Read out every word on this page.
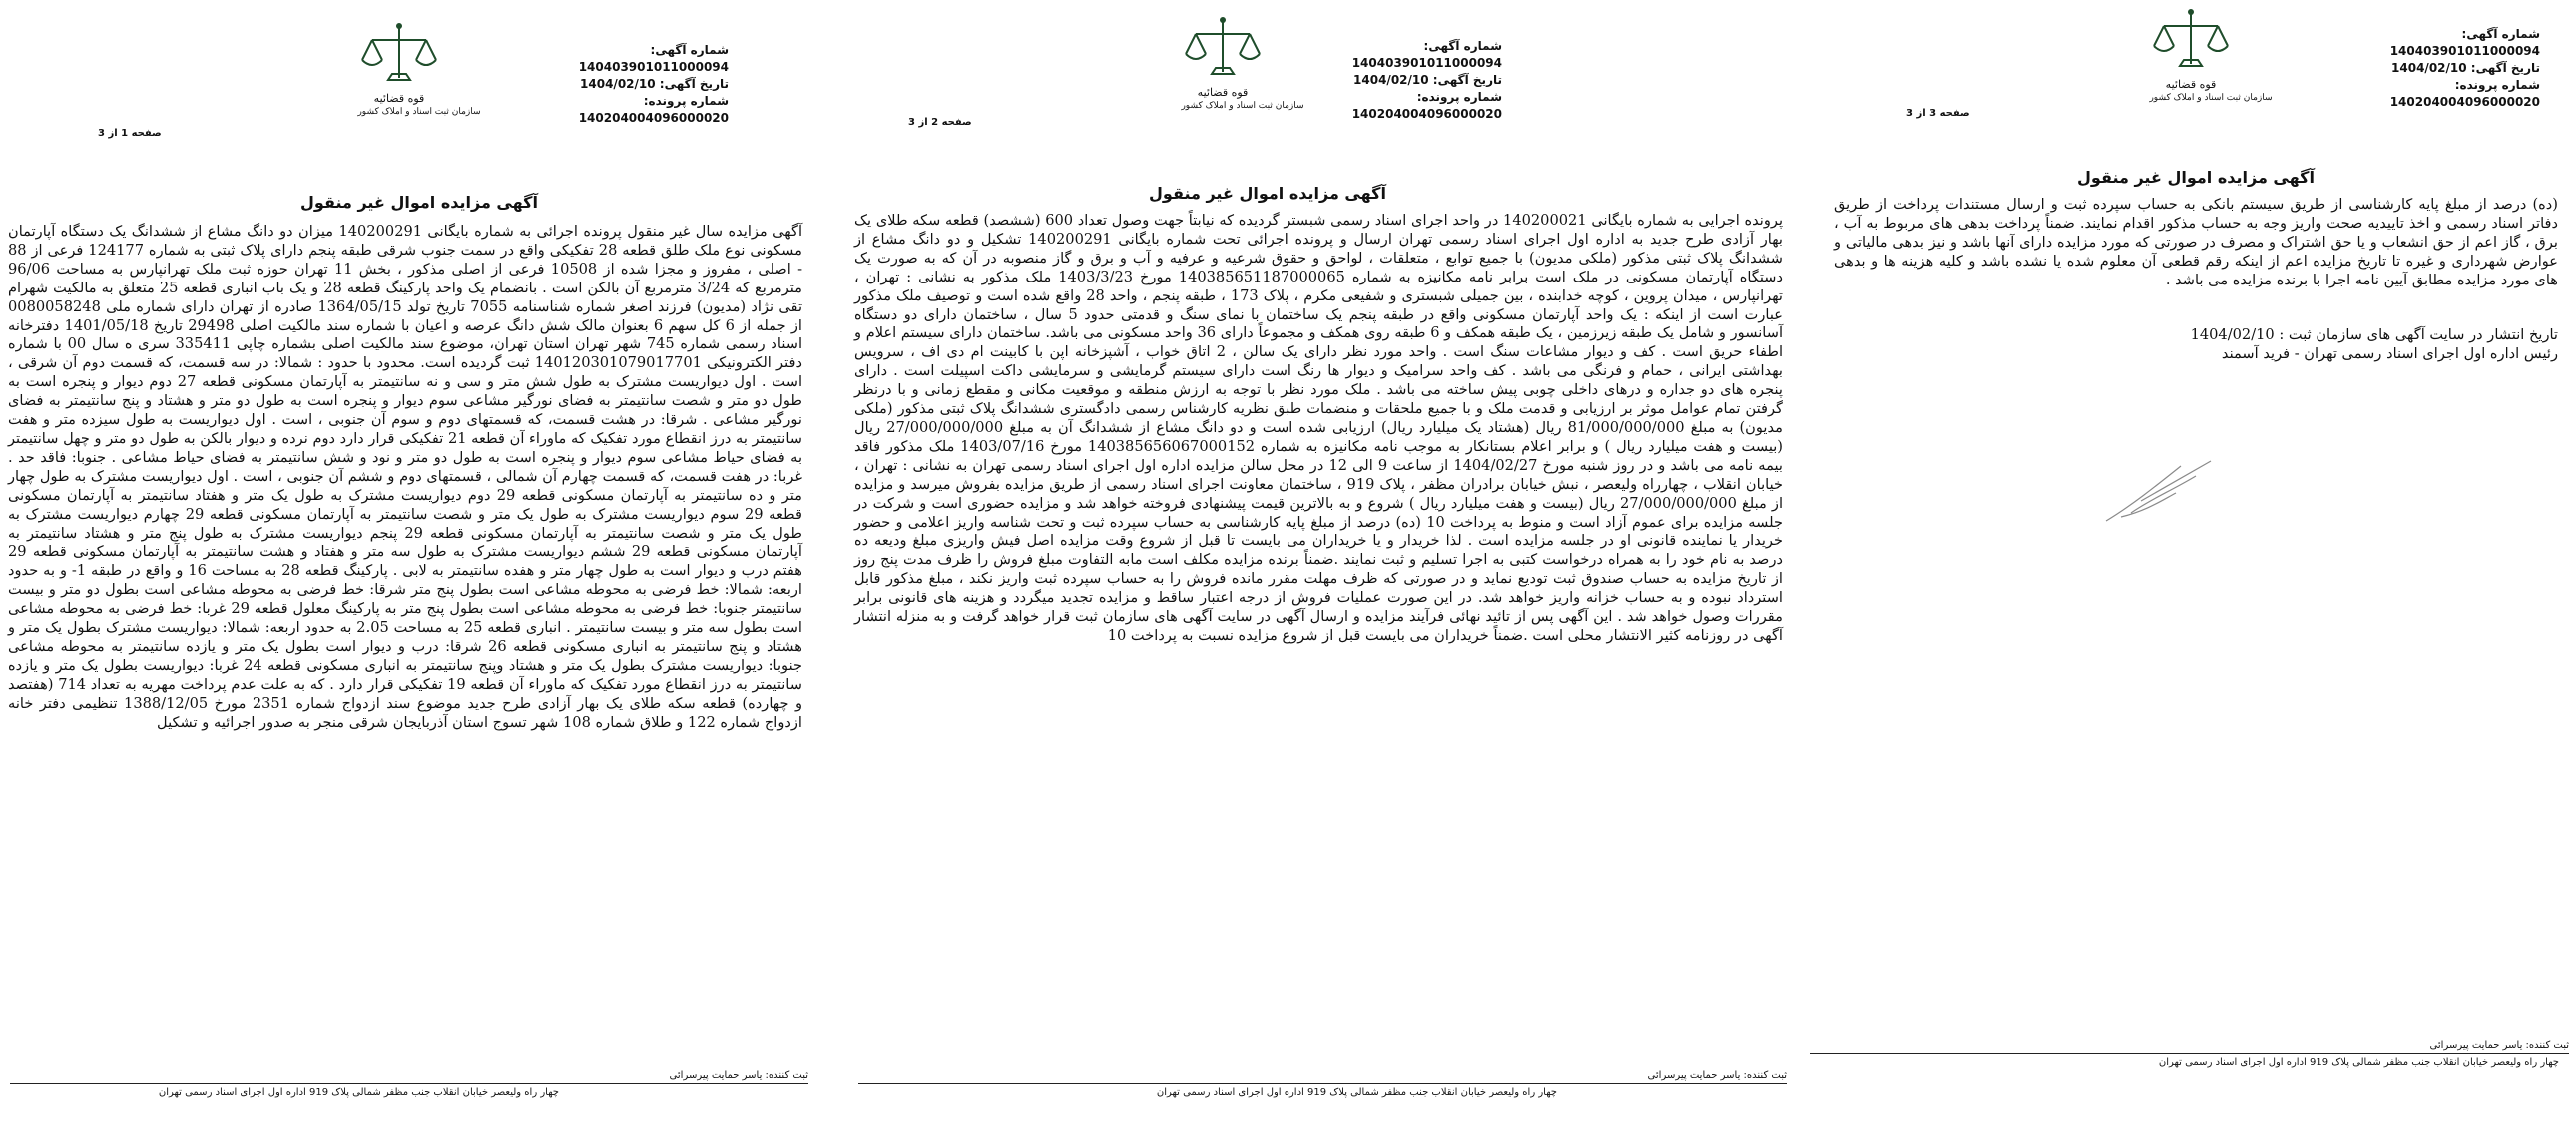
قوه قضائیه
سازمان ثبت اسناد و املاک کشور
شماره آگهی: 140403901011000094
تاریخ آگهی: 1404/02/10
شماره پرونده: 140204004096000020
صفحه 1 از 3
آگهی مزایده اموال غیر منقول
آگهی مزایده سال غیر منقول پرونده اجرائی به شماره بایگانی 140200291 میزان دو دانگ مشاع از ششدانگ یک دستگاه آپارتمان مسکونی نوع ملک طلق قطعه 28 تفکیکی واقع در سمت جنوب شرقی طبقه پنجم دارای پلاک ثبتی به شماره 124177 فرعی از 88 - اصلی ، مفروز و مجزا شده از 10508 فرعی از اصلی مذکور ، بخش 11 تهران حوزه ثبت ملک تهرانپارس به مساحت 96/06 مترمربع که 3/24 مترمربع آن بالکن است . بانضمام یک واحد پارکینگ قطعه 28 و یک باب انباری قطعه 25 متعلق به مالکیت شهرام تقی نژاد (مدیون) فرزند اصغر شماره شناسنامه 7055 تاریخ تولد 1364/05/15 صادره از تهران دارای شماره ملی 0080058248 از جمله از 6 کل سهم 6 بعنوان مالک شش دانگ عرصه و اعیان با شماره سند مالکیت اصلی 29498 تاریخ 1401/05/18 دفترخانه اسناد رسمی شماره 745 شهر تهران استان تهران، موضوع سند مالکیت اصلی بشماره چاپی 335411 سری ه سال 00 با شماره دفتر الکترونیکی 140120301079017701 ثبت گردیده است. محدود با حدود : شمالا: در سه قسمت، که قسمت دوم آن شرقی ، است . اول دیواریست مشترک به طول شش متر و سی و نه سانتیمتر به آپارتمان مسکونی قطعه 27 دوم دیوار و پنجره است به طول دو متر و شصت سانتیمتر به فضای نورگیر مشاعی سوم دیوار و پنجره است به طول دو متر و هشتاد و پنج سانتیمتر به فضای نورگیر مشاعی . شرقا: در هشت قسمت، که قسمتهای دوم و سوم آن جنوبی ، است . اول دیواریست به طول سیزده متر و هفت سانتیمتر به درز انقطاع مورد تفکیک که ماوراء آن قطعه 21 تفکیکی قرار دارد دوم نرده و دیوار بالکن به طول دو متر و چهل سانتیمتر به فضای حیاط مشاعی سوم دیوار و پنجره است به طول دو متر و نود و شش سانتیمتر به فضای حیاط مشاعی . جنوبا: فاقد حد . غربا: در هفت قسمت، که قسمت چهارم آن شمالی ، قسمتهای دوم و ششم آن جنوبی ، است . اول دیواریست مشترک به طول چهار متر و ده سانتیمتر به آپارتمان مسکونی قطعه 29 دوم دیواریست مشترک به طول یک متر و هفتاد سانتیمتر به آپارتمان مسکونی قطعه 29 سوم دیواریست مشترک به طول یک متر و شصت سانتیمتر به آپارتمان مسکونی قطعه 29 چهارم دیواریست مشترک به طول یک متر و شصت سانتیمتر به آپارتمان مسکونی قطعه 29 پنجم دیواریست مشترک به طول پنج متر و هشتاد سانتیمتر به آپارتمان مسکونی قطعه 29 ششم دیواریست مشترک به طول سه متر و هفتاد و هشت سانتیمتر به آپارتمان مسکونی قطعه 29 هفتم درب و دیوار است به طول چهار متر و هفده سانتیمتر به لابی . پارکینگ قطعه 28 به مساحت 16 و واقع در طبقه 1- و به حدود اربعه: شمالا: خط فرضی به محوطه مشاعی است بطول پنج متر شرقا: خط فرضی به محوطه مشاعی است بطول دو متر و بیست سانتیمتر جنوبا: خط فرضی به محوطه مشاعی است بطول پنج متر به پارکینگ معلول قطعه 29 غربا: خط فرضی به محوطه مشاعی است بطول سه متر و بیست سانتیمتر . انباری قطعه 25 به مساحت 2.05 به حدود اربعه: شمالا: دیواریست مشترک بطول یک متر و هشتاد و پنج سانتیمتر به انباری مسکونی قطعه 26 شرقا: درب و دیوار است بطول یک متر و یازده سانتیمتر به محوطه مشاعی جنوبا: دیواریست مشترک بطول یک متر و هشتاد وپنج سانتیمتر به انباری مسکونی قطعه 24 غربا: دیواریست بطول یک متر و یازده سانتیمتر به درز انقطاع مورد تفکیک که ماوراء آن قطعه 19 تفکیکی قرار دارد . که به علت عدم پرداخت مهریه به تعداد 714 (هفتصد و چهارده) قطعه سکه طلای یک بهار آزادی طرح جدید موضوع سند ازدواج شماره 2351 مورخ 1388/12/05 تنظیمی دفتر خانه ازدواج شماره 122 و طلاق شماره 108 شهر تسوج استان آذربایجان شرقی منجر به صدور اجرائیه و تشکیل
ثبت کننده: یاسر حمایت پیرسرائی
چهار راه ولیعصر خیابان انقلاب جنب مظفر شمالی پلاک 919 اداره اول اجرای اسناد رسمی تهران
قوه قضائیه
سازمان ثبت اسناد و املاک کشور
شماره آگهی: 140403901011000094
تاریخ آگهی: 1404/02/10
شماره پرونده: 140204004096000020
صفحه 2 از 3
آگهی مزایده اموال غیر منقول
پرونده اجرایی به شماره بایگانی 140200021 در واحد اجرای اسناد رسمی شبستر گردیده که نیابتاً جهت وصول تعداد 600 (ششصد) قطعه سکه طلای یک بهار آزادی طرح جدید به اداره اول اجرای اسناد رسمی تهران ارسال و پرونده اجرائی تحت شماره بایگانی 140200291 تشکیل و دو دانگ مشاع از ششدانگ پلاک ثبتی مذکور (ملکی مدیون) با جمیع توابع ، متعلقات ، لواحق و حقوق شرعیه و عرفیه و آب و برق و گاز منصوبه در آن که به صورت یک دستگاه آپارتمان مسکونی در ملک است برابر نامه مکانیزه به شماره 140385651187000065 مورخ 1403/3/23 ملک مذکور به نشانی : تهران ، تهرانپارس ، میدان پروین ، کوچه خدابنده ، بین جمیلی شبستری و شفیعی مکرم ، پلاک 173 ، طبقه پنجم ، واحد 28 واقع شده است و توصیف ملک مذکور عبارت است از اینکه : یک واحد آپارتمان مسکونی واقع در طبقه پنجم یک ساختمان با نمای سنگ و قدمتی حدود 5 سال ، ساختمان دارای دو دستگاه آسانسور و شامل یک طبقه زیرزمین ، یک طبقه همکف و 6 طبقه روی همکف و مجموعاً دارای 36 واحد مسکونی می باشد. ساختمان دارای سیستم اعلام و اطفاء حریق است . کف و دیوار مشاعات سنگ است . واحد مورد نظر دارای یک سالن ، 2 اتاق خواب ، آشپزخانه اپن با کابینت ام دی اف ، سرویس بهداشتی ایرانی ، حمام و فرنگی می باشد . کف واحد سرامیک و دیوار ها رنگ است دارای سیستم گرمایشی و سرمایشی داکت اسپیلت است . دارای پنجره های دو جداره و درهای داخلی چوبی پیش ساخته می باشد . ملک مورد نظر با توجه به ارزش منطقه و موقعیت مکانی و مقطع زمانی و با درنظر گرفتن تمام عوامل موثر بر ارزیابی و قدمت ملک و با جمیع ملحقات و منضمات طبق نظریه کارشناس رسمی دادگستری ششدانگ پلاک ثبتی مذکور (ملکی مدیون) به مبلغ 81/000/000/000 ریال (هشتاد یک میلیارد ریال) ارزیابی شده است و دو دانگ مشاع از ششدانگ آن به مبلغ 27/000/000/000 ریال (بیست و هفت میلیارد ریال ) و برابر اعلام بستانکار به موجب نامه مکانیزه به شماره 140385656067000152 مورخ 1403/07/16 ملک مذکور فاقد بیمه نامه می باشد و در روز شنبه مورخ 1404/02/27 از ساعت 9 الی 12 در محل سالن مزایده اداره اول اجرای اسناد رسمی تهران به نشانی : تهران ، خیابان انقلاب ، چهارراه ولیعصر ، نبش خیابان برادران مظفر ، پلاک 919 ، ساختمان معاونت اجرای اسناد رسمی از طریق مزایده بفروش میرسد و مزایده از مبلغ 27/000/000/000 ریال (بیست و هفت میلیارد ریال ) شروع و به بالاترین قیمت پیشنهادی فروخته خواهد شد و مزایده حضوری است و شرکت در جلسه مزایده برای عموم آزاد است و منوط به پرداخت 10 (ده) درصد از مبلغ پایه کارشناسی به حساب سپرده ثبت و تحت شناسه واریز اعلامی و حضور خریدار یا نماینده قانونی او در جلسه مزایده است . لذا خریدار و یا خریداران می بایست تا قبل از شروع وقت مزایده اصل فیش واریزی مبلغ ودیعه ده درصد به نام خود را به همراه درخواست کتبی به اجرا تسلیم و ثبت نمایند .ضمناً برنده مزایده مکلف است مابه التفاوت مبلغ فروش را ظرف مدت پنج روز از تاریخ مزایده به حساب صندوق ثبت تودیع نماید و در صورتی که ظرف مهلت مقرر مانده فروش را به حساب سپرده ثبت واریز نکند ، مبلغ مذکور قابل استرداد نبوده و به حساب خزانه واریز خواهد شد. در این صورت عملیات فروش از درجه اعتبار ساقط و مزایده تجدید میگردد و هزینه های قانونی برابر مقررات وصول خواهد شد . این آگهی پس از تائید نهائی فرآیند مزایده و ارسال آگهی در سایت آگهی های سازمان ثبت قرار خواهد گرفت و به منزله انتشار آگهی در روزنامه کثیر الانتشار محلی است .ضمناً خریداران می بایست قبل از شروع مزایده نسبت به پرداخت 10
ثبت کننده: یاسر حمایت پیرسرائی
چهار راه ولیعصر خیابان انقلاب جنب مظفر شمالی پلاک 919 اداره اول اجرای اسناد رسمی تهران
قوه قضائیه
سازمان ثبت اسناد و املاک کشور
شماره آگهی: 140403901011000094
تاریخ آگهی: 1404/02/10
شماره پرونده: 140204004096000020
صفحه 3 از 3
آگهی مزایده اموال غیر منقول
(ده) درصد از مبلغ پایه کارشناسی از طریق سیستم بانکی به حساب سپرده ثبت و ارسال مستندات پرداخت از طریق دفاتر اسناد رسمی و اخذ تاییدیه صحت واریز وجه به حساب مذکور اقدام نمایند. ضمناً پرداخت بدهی های مربوط به آب ، برق ، گاز اعم از حق انشعاب و یا حق اشتراک و مصرف در صورتی که مورد مزایده دارای آنها باشد و نیز بدهی مالیاتی و عوارض شهرداری و غیره تا تاریخ مزایده اعم از اینکه رقم قطعی آن معلوم شده یا نشده باشد و کلیه هزینه ها و بدهی های مورد مزایده مطابق آیین نامه اجرا با برنده مزایده می باشد .
تاریخ انتشار در سایت آگهی های سازمان ثبت : 1404/02/10
رئیس اداره اول اجرای اسناد رسمی تهران - فرید آسمند
ثبت کننده: یاسر حمایت پیرسرائی
چهار راه ولیعصر خیابان انقلاب جنب مظفر شمالی پلاک 919 اداره اول اجرای اسناد رسمی تهران
